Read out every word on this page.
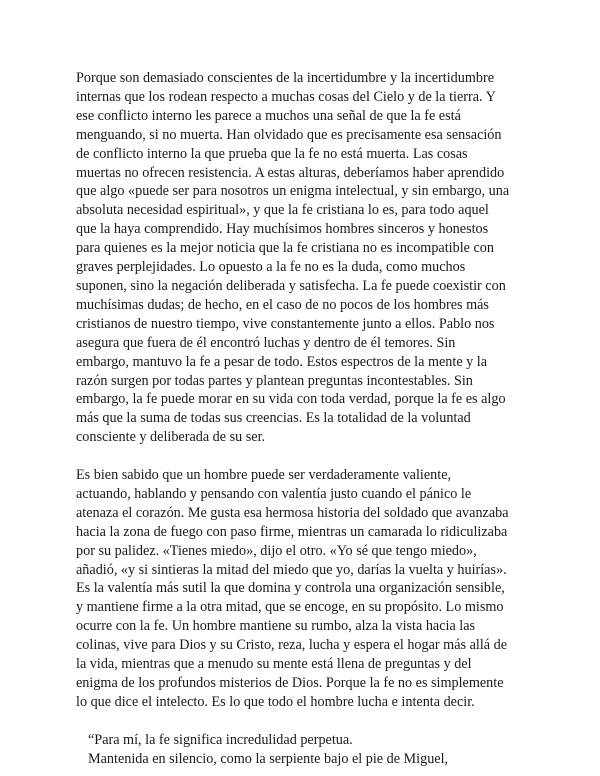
Porque son demasiado conscientes de la incertidumbre y la incertidumbre
internas que los rodean respecto a muchas cosas del Cielo y de la tierra. Y
ese conflicto interno les parece a muchos una señal de que la fe está
menguando, si no muerta. Han olvidado que es precisamente esa sensación
de conflicto interno la que prueba que la fe no está muerta. Las cosas
muertas no ofrecen resistencia. A estas alturas, deberíamos haber aprendido
que algo «puede ser para nosotros un enigma intelectual, y sin embargo, una
absoluta necesidad espiritual», y que la fe cristiana lo es, para todo aquel
que la haya comprendido. Hay muchísimos hombres sinceros y honestos
para quienes es la mejor noticia que la fe cristiana no es incompatible con
graves perplejidades. Lo opuesto a la fe no es la duda, como muchos
suponen, sino la negación deliberada y satisfecha. La fe puede coexistir con
muchísimas dudas; de hecho, en el caso de no pocos de los hombres más
cristianos de nuestro tiempo, vive constantemente junto a ellos. Pablo nos
asegura que fuera de él encontró luchas y dentro de él temores. Sin
embargo, mantuvo la fe a pesar de todo. Estos espectros de la mente y la
razón surgen por todas partes y plantean preguntas incontestables. Sin
embargo, la fe puede morar en su vida con toda verdad, porque la fe es algo
más que la suma de todas sus creencias. Es la totalidad de la voluntad
consciente y deliberada de su ser.

Es bien sabido que un hombre puede ser verdaderamente valiente,
actuando, hablando y pensando con valentía justo cuando el pánico le
atenaza el corazón. Me gusta esa hermosa historia del soldado que avanzaba
hacia la zona de fuego con paso firme, mientras un camarada lo ridiculizaba
por su palidez. «Tienes miedo», dijo el otro. «Yo sé que tengo miedo»,
añadió, «y si sintieras la mitad del miedo que yo, darías la vuelta y huirías».
Es la valentía más sutil la que domina y controla una organización sensible,
y mantiene firme a la otra mitad, que se encoge, en su propósito. Lo mismo
ocurre con la fe. Un hombre mantiene su rumbo, alza la vista hacia las
colinas, vive para Dios y su Cristo, reza, lucha y espera el hogar más allá de
la vida, mientras que a menudo su mente está llena de preguntas y del
enigma de los profundos misterios de Dios. Porque la fe no es simplemente
lo que dice el intelecto. Es lo que todo el hombre lucha e intenta decir.

“Para mí, la fe significa incredulidad perpetua.
Mantenida en silencio, como la serpiente bajo el pie de Miguel,
